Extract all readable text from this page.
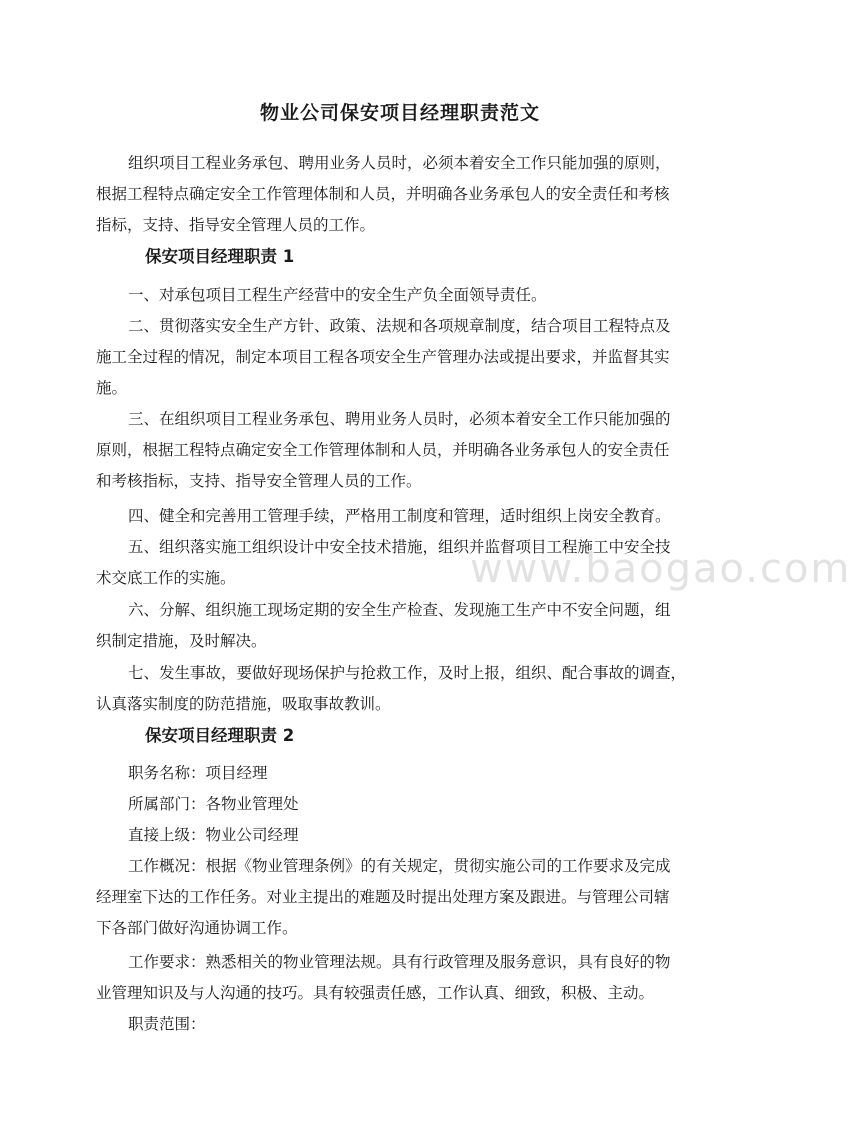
物业公司保安项目经理职责范文
组织项目工程业务承包、聘用业务人员时，必须本着安全工作只能加强的原则，
根据工程特点确定安全工作管理体制和人员，并明确各业务承包人的安全责任和考核
指标，支持、指导安全管理人员的工作。
保安项目经理职责 1
一、对承包项目工程生产经营中的安全生产负全面领导责任。
二、贯彻落实安全生产方针、政策、法规和各项规章制度，结合项目工程特点及
施工全过程的情况，制定本项目工程各项安全生产管理办法或提出要求，并监督其实
施。
三、在组织项目工程业务承包、聘用业务人员时，必须本着安全工作只能加强的
原则，根据工程特点确定安全工作管理体制和人员，并明确各业务承包人的安全责任
和考核指标，支持、指导安全管理人员的工作。
四、健全和完善用工管理手续，严格用工制度和管理，适时组织上岗安全教育。
五、组织落实施工组织设计中安全技术措施，组织并监督项目工程施工中安全技
术交底工作的实施。
六、分解、组织施工现场定期的安全生产检查、发现施工生产中不安全问题，组
织制定措施，及时解决。
七、发生事故，要做好现场保护与抢救工作，及时上报，组织、配合事故的调查，
认真落实制度的防范措施，吸取事故教训。
保安项目经理职责 2
职务名称：项目经理
所属部门：各物业管理处
直接上级：物业公司经理
工作概况：根据《物业管理条例》的有关规定，贯彻实施公司的工作要求及完成
经理室下达的工作任务。对业主提出的难题及时提出处理方案及跟进。与管理公司辖
下各部门做好沟通协调工作。
工作要求：熟悉相关的物业管理法规。具有行政管理及服务意识，具有良好的物
业管理知识及与人沟通的技巧。具有较强责任感，工作认真、细致，积极、主动。
职责范围：
www.baogao.com
